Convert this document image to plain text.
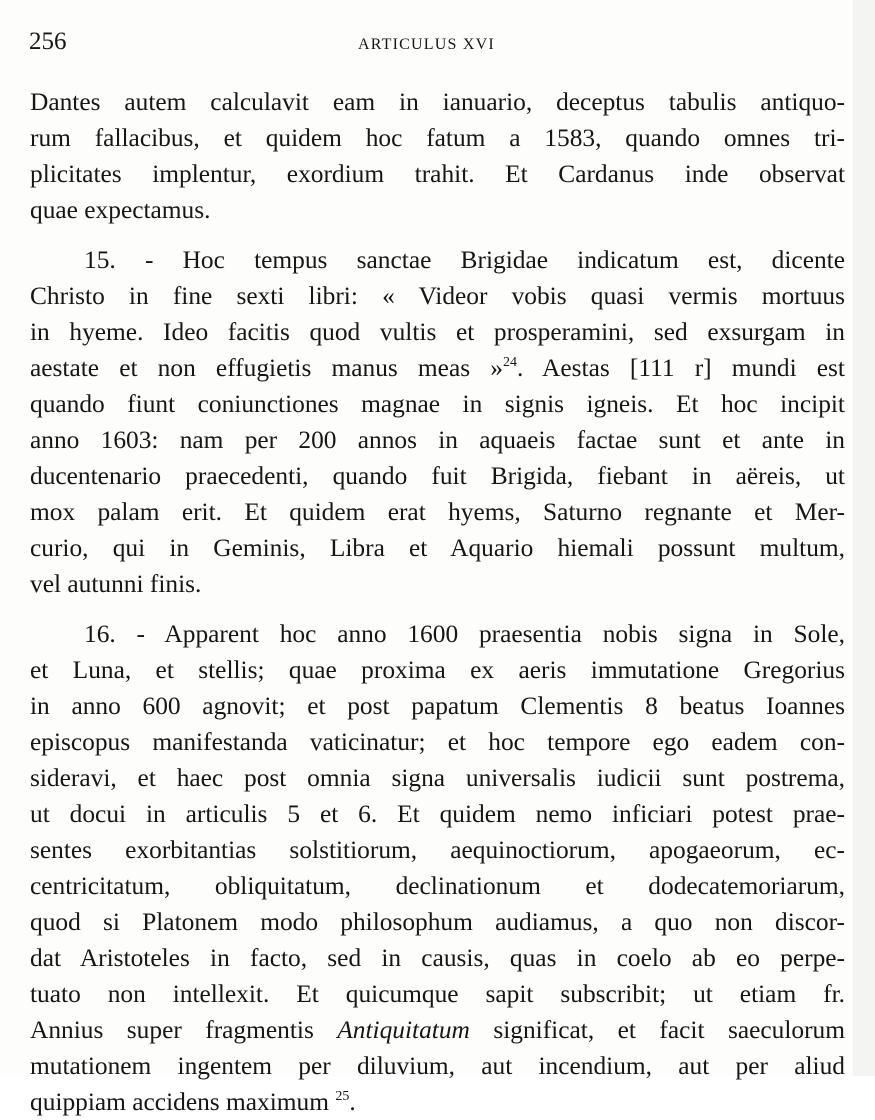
256	ARTICULUS XVI
Dantes autem calculavit eam in ianuario, deceptus tabulis antiquo-
rum fallacibus, et quidem hoc fatum a 1583, quando omnes tri-
plicitates implentur, exordium trahit. Et Cardanus inde observat
quae expectamus.
15. - Hoc tempus sanctae Brigidae indicatum est, dicente
Christo in fine sexti libri: « Videor vobis quasi vermis mortuus
in hyeme. Ideo facitis quod vultis et prosperamini, sed exsurgam in
aestate et non effugietis manus meas »$^{24}$. Aestas [111 r] mundi est
quando fiunt coniunctiones magnae in signis igneis. Et hoc incipit
anno 1603: nam per 200 annos in aquaeis factae sunt et ante in
ducentenario praecedenti, quando fuit Brigida, fiebant in aëreis, ut
mox palam erit. Et quidem erat hyems, Saturno regnante et Mer-
curio, qui in Geminis, Libra et Aquario hiemali possunt multum,
vel autunni finis.
16. - Apparent hoc anno 1600 praesentia nobis signa in Sole,
et Luna, et stellis; quae proxima ex aeris immutatione Gregorius
in anno 600 agnovit; et post papatum Clementis 8 beatus Ioannes
episcopus manifestanda vaticinatur; et hoc tempore ego eadem con-
sideravi, et haec post omnia signa universalis iudicii sunt postrema,
ut docui in articulis 5 et 6. Et quidem nemo inficiari potest prae-
sentes exorbitantias solstitiorum, aequinoctiorum, apogaeorum, ec-
centricitatum, obliquitatum, declinationum et dodecatemoriarum,
quod si Platonem modo philosophum audiamus, a quo non discor-
dat Aristoteles in facto, sed in causis, quas in coelo ab eo perpe-
tuato non intellexit. Et quicumque sapit subscribit; ut etiam fr.
Annius super fragmentis Antiquitatum significat, et facit saeculorum
mutationem ingentem per diluvium, aut incendium, aut per aliud
quippiam accidens maximum $^{25}$.
